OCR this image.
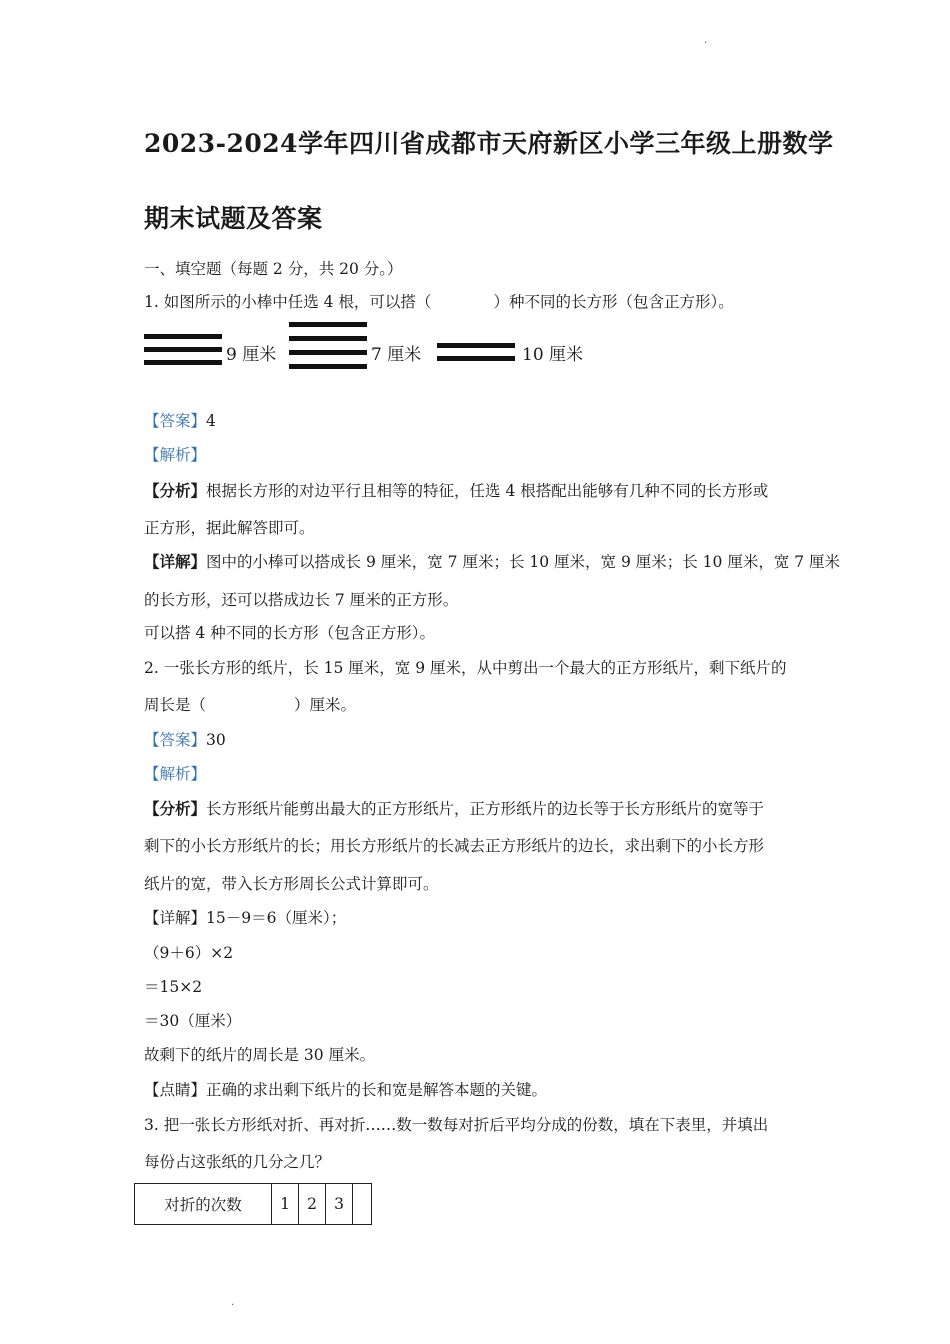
·
2023-2024学年四川省成都市天府新区小学三年级上册数学
期末试题及答案
一、填空题（每题 2 分，共 20 分。）
1. 如图所示的小棒中任选 4 根，可以搭（	）种不同的长方形（包含正方形）。
9 厘米	7 厘米	10 厘米
【答案】4
【解析】
【分析】根据长方形的对边平行且相等的特征，任选 4 根搭配出能够有几种不同的长方形或
正方形，据此解答即可。
【详解】图中的小棒可以搭成长 9 厘米，宽 7 厘米；长 10 厘米，宽 9 厘米；长 10 厘米，宽 7 厘米
的长方形，还可以搭成边长 7 厘米的正方形。
可以搭 4 种不同的长方形（包含正方形）。
2. 一张长方形的纸片，长 15 厘米，宽 9 厘米，从中剪出一个最大的正方形纸片，剩下纸片的
周长是（	）厘米。
【答案】30
【解析】
【分析】长方形纸片能剪出最大的正方形纸片，正方形纸片的边长等于长方形纸片的宽等于
剩下的小长方形纸片的长；用长方形纸片的长减去正方形纸片的边长，求出剩下的小长方形
纸片的宽，带入长方形周长公式计算即可。
【详解】15－9＝6（厘米）；
（9＋6）×2
＝15×2
＝30（厘米）
故剩下的纸片的周长是 30 厘米。
【点睛】正确的求出剩下纸片的长和宽是解答本题的关键。
3. 把一张长方形纸对折、再对折……数一数每对折后平均分成的份数，填在下表里，并填出
每份占这张纸的几分之几？
对折的次数	1	2	3	
·
